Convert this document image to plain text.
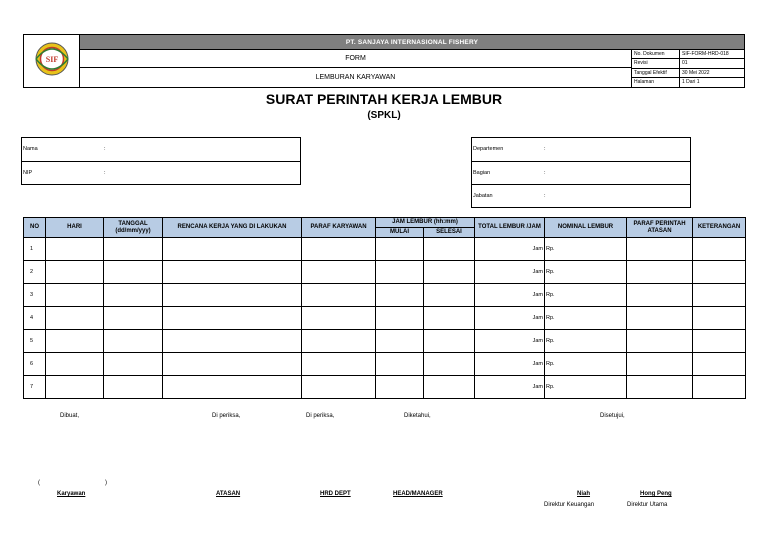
SIF
PT. SANJAYA INTERNASIONAL FISHERY
FORM
LEMBURAN KARYAWAN
No. Dokumen	SIF-FORM-HRD-018
Revisi	01
Tanggal Efektif	30 Mei 2022
Halaman	1 Dari 1
SURAT PERINTAH KERJA LEMBUR
(SPKL)
Nama	:
NIP	:
Departemen	:
Bagian	:
Jabatan	:
NO	HARI	TANGGAL (dd/mm/yyy)	RENCANA KERJA YANG DI LAKUKAN	PARAF KARYAWAN	JAM LEMBUR (hh:mm)		TOTAL LEMBUR /JAM	NOMINAL LEMBUR	PARAF PERINTAH ATASAN	KETERANGAN
					MULAI	SELESAI				
1							Jam	Rp.		
2							Jam	Rp.		
3							Jam	Rp.		
4							Jam	Rp.		
5							Jam	Rp.		
6							Jam	Rp.		
7							Jam	Rp.		
Dibuat,	Di periksa,	Di periksa,	Diketahui,	Disetujui,
(	)
Karyawan	ATASAN	HRD DEPT	HEAD/MANAGER	Niah	Hong Peng
Direktur Keuangan	Direktur Utama
